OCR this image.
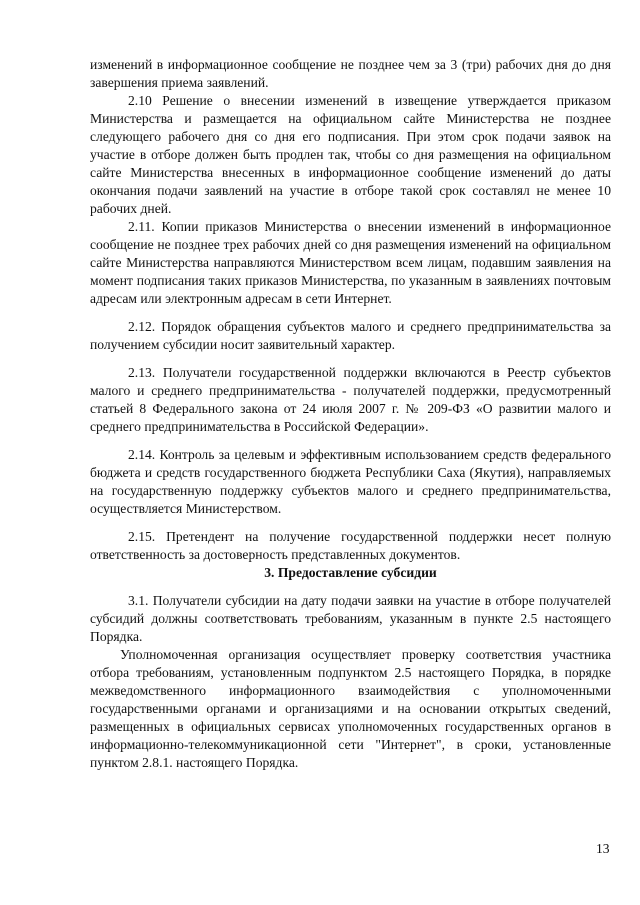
изменений в информационное сообщение не позднее чем за 3 (три) рабочих дня до дня завершения приема заявлений.

2.10 Решение о внесении изменений в извещение утверждается приказом Министерства и размещается на официальном сайте Министерства не позднее следующего рабочего дня со дня его подписания. При этом срок подачи заявок на участие в отборе должен быть продлен так, чтобы со дня размещения на официальном сайте Министерства внесенных в информационное сообщение изменений до даты окончания подачи заявлений на участие в отборе такой срок составлял не менее 10 рабочих дней.

2.11. Копии приказов Министерства о внесении изменений в информационное сообщение не позднее трех рабочих дней со дня размещения изменений на официальном сайте Министерства направляются Министерством всем лицам, подавшим заявления на момент подписания таких приказов Министерства, по указанным в заявлениях почтовым адресам или электронным адресам в сети Интернет.

2.12. Порядок обращения субъектов малого и среднего предпринимательства за получением субсидии носит заявительный характер.

2.13. Получатели государственной поддержки включаются в Реестр субъектов малого и среднего предпринимательства - получателей поддержки, предусмотренный статьей 8 Федерального закона от 24 июля 2007 г. № 209-ФЗ «О развитии малого и среднего предпринимательства в Российской Федерации».

2.14. Контроль за целевым и эффективным использованием средств федерального бюджета и средств государственного бюджета Республики Саха (Якутия), направляемых на государственную поддержку субъектов малого и среднего предпринимательства, осуществляется Министерством.

2.15. Претендент на получение государственной поддержки несет полную ответственность за достоверность представленных документов.

3. Предоставление субсидии

3.1. Получатели субсидии на дату подачи заявки на участие в отборе получателей субсидий должны соответствовать требованиям, указанным в пункте 2.5 настоящего Порядка.

Уполномоченная организация осуществляет проверку соответствия участника отбора требованиям, установленным подпунктом 2.5 настоящего Порядка, в порядке межведомственного информационного взаимодействия с уполномоченными государственными органами и организациями и на основании открытых сведений, размещенных в официальных сервисах уполномоченных государственных органов в информационно-телекоммуникационной сети "Интернет", в сроки, установленные пунктом 2.8.1. настоящего Порядка.

13
